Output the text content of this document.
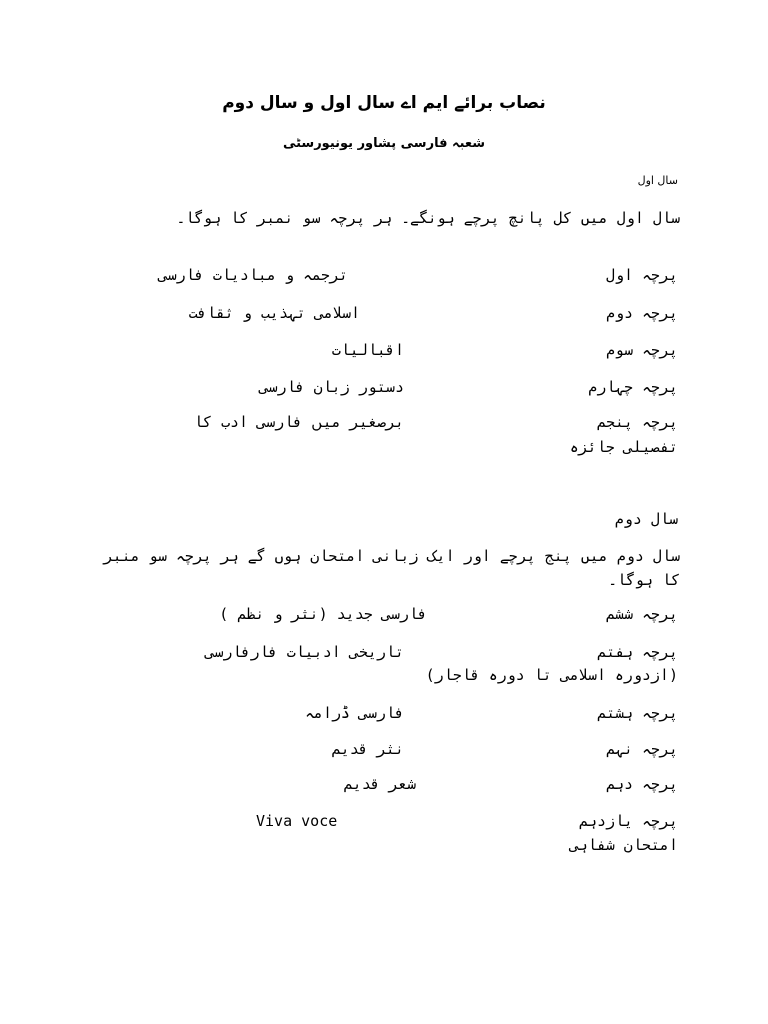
نصاب برائے ایم اے سال اول و سال دوم
شعبہ فارسی پشاور یونیورسٹی
سال اول
سال اول میں کل پانچ پرچے ہونگے۔ ہر پرچہ سو نمبر کا ہوگا۔
پرچہ اول
ترجمہ و مبادیات فارسی
پرچہ دوم
اسلامی تہذیب و ثقافت
پرچہ سوم
اقبالیات
پرچہ چہارم
دستور زبان فارسی
پرچہ پنجم
برصغیر میں فارسی ادب کا
تفصیلی جائزہ
سال دوم
سال دوم میں پنج پرچے اور ایک زبانی امتحان ہوں گے ہر پرچہ سو منبر کا ہوگا۔
پرچہ ششم
فارسی جدید (نثر و نظم )
پرچہ ہفتم
تاریخی ادبیات فارفارسی
(ازدورہ اسلامی تا دورہ قاجار)
پرچہ ہشتم
فارسی ڈرامہ
پرچہ نہم
نثر قدیم
پرچہ دہم
شعر قدیم
پرچہ یازدہم
Viva voce
امتحان شفاہی
